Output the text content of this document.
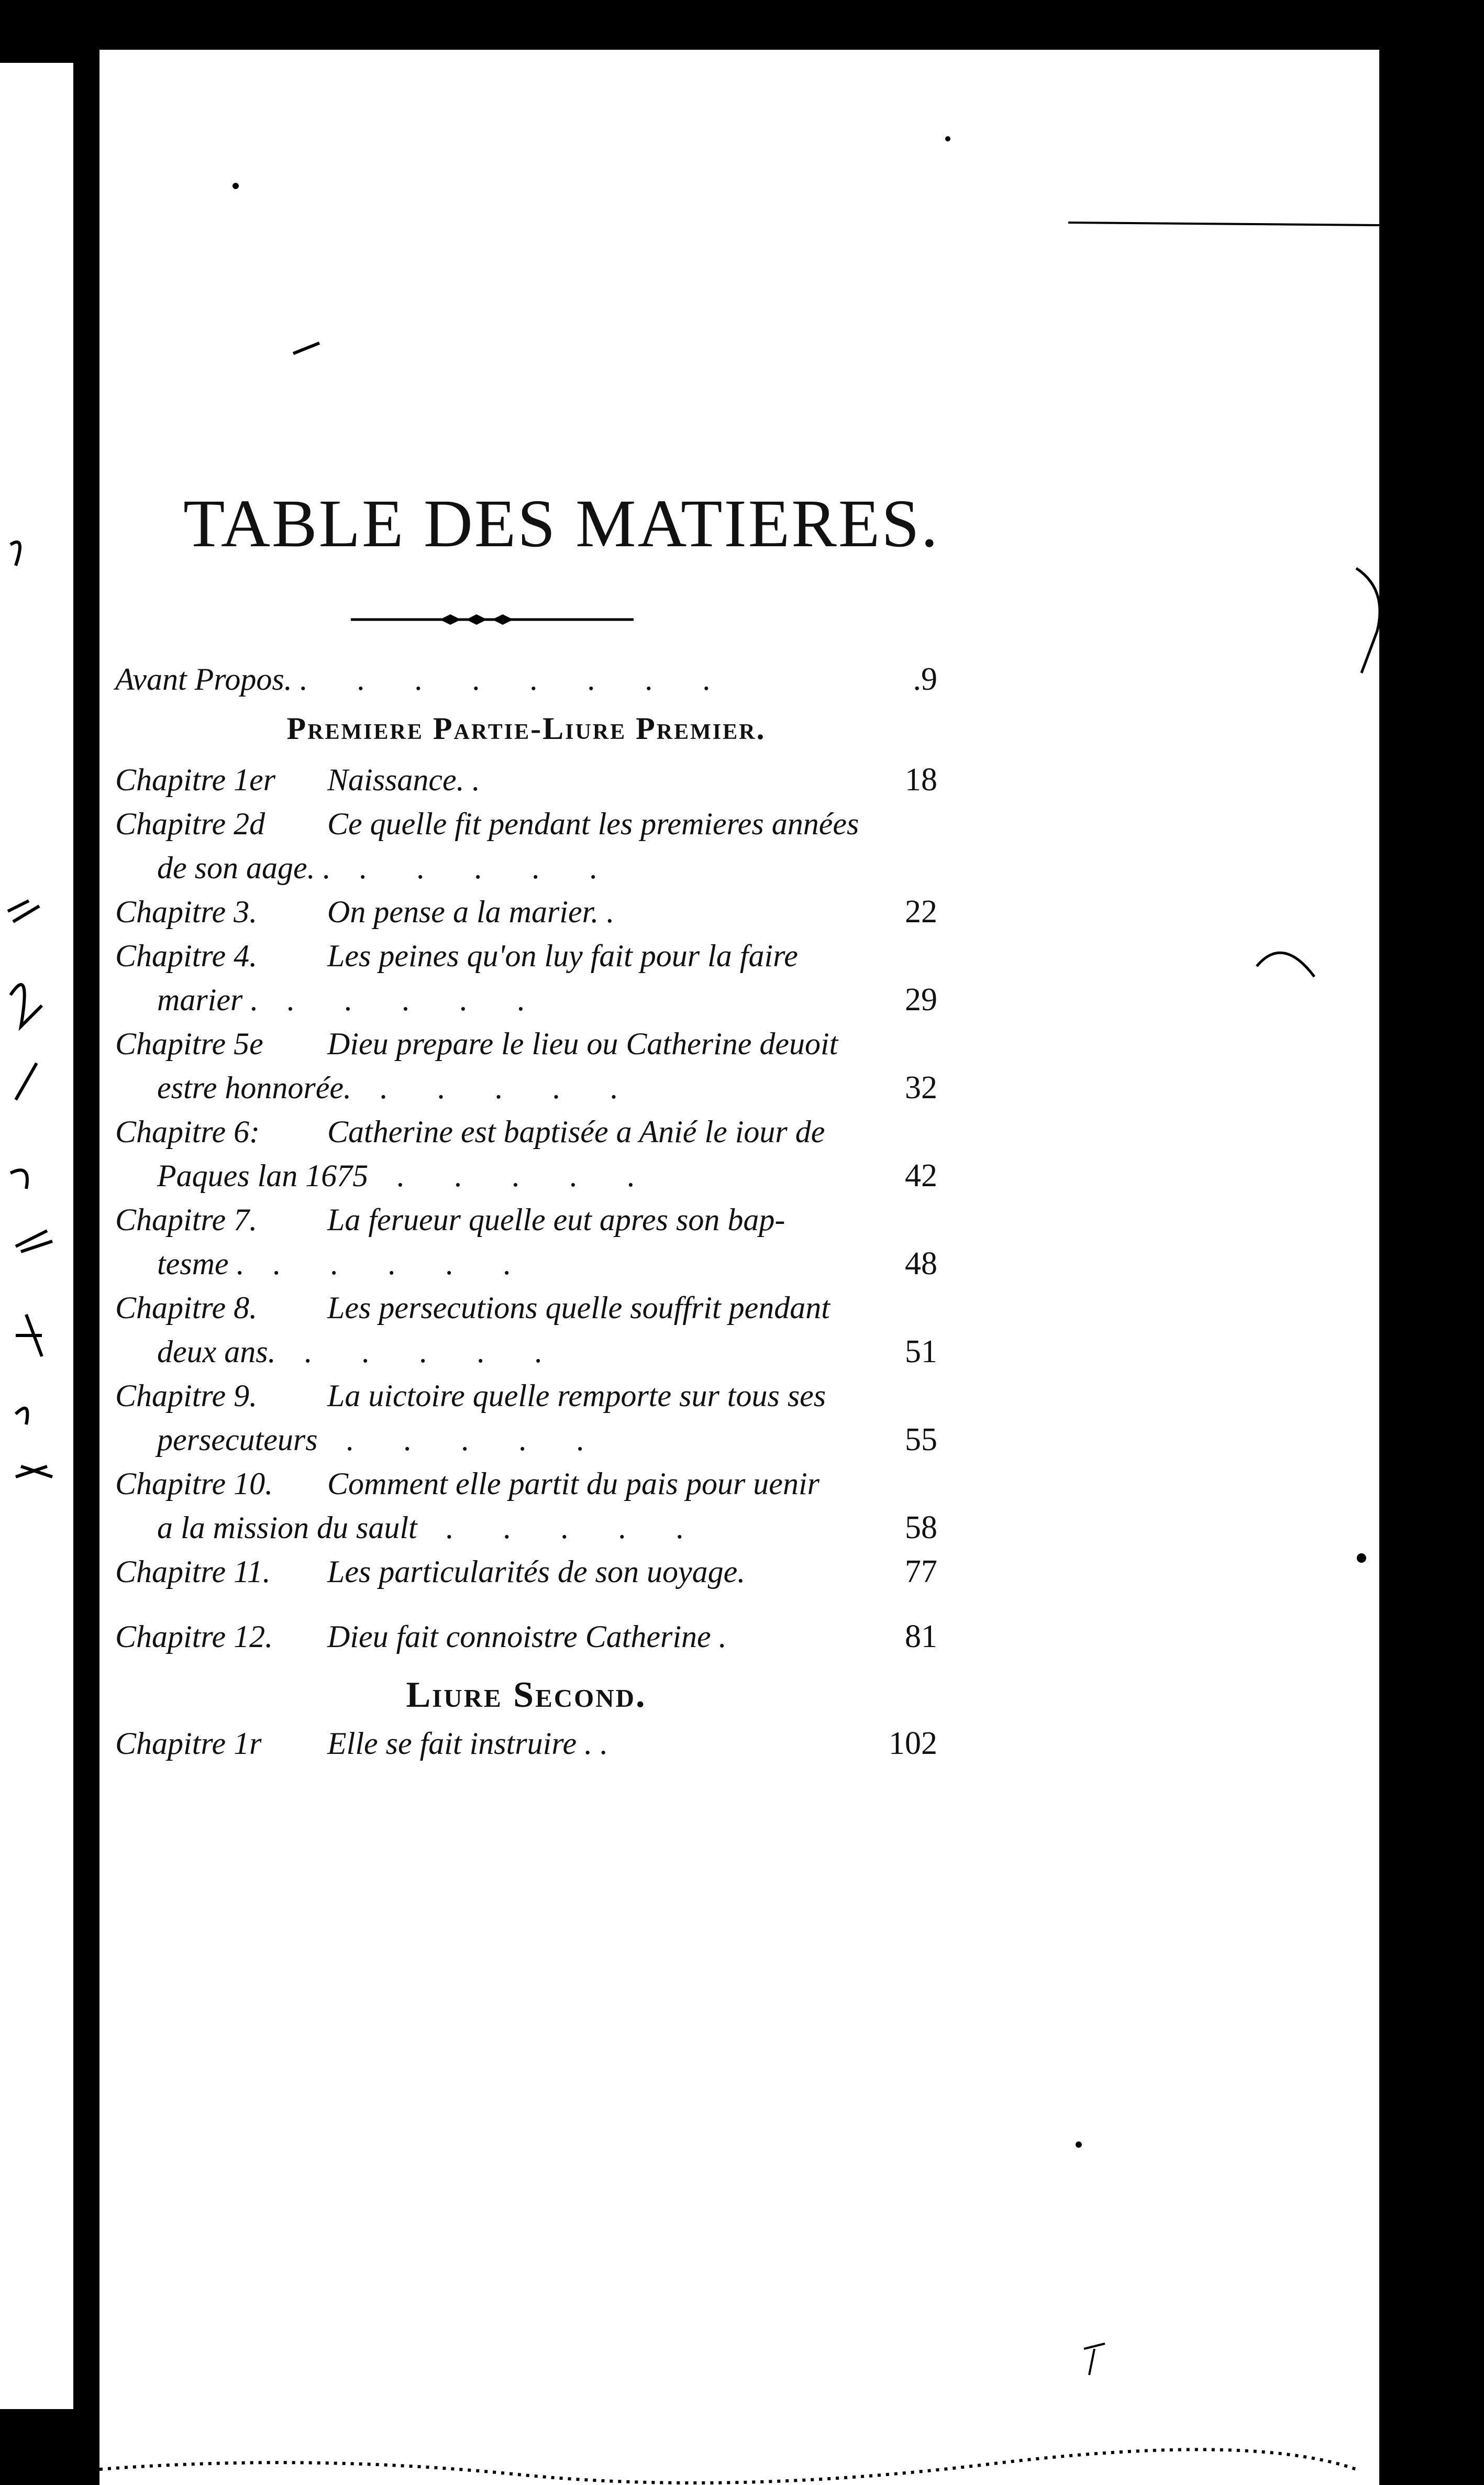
TABLE DES MATIERES.
Avant Propos. . . . . . . . .	.9
Premiere Partie-Liure Premier.
Chapitre 1er Naissance. .	18
Chapitre 2d Ce quelle fit pendant les premieres années
de son aage. . . . . . .
Chapitre 3. On pense a la marier. .	22
Chapitre 4. Les peines qu'on luy fait pour la faire
marier . . . . . .	29
Chapitre 5e Dieu prepare le lieu ou Catherine deuoit
estre honnorée. . . . . .	32
Chapitre 6: Catherine est baptisée a Anié le iour de
Paques lan 1675 . . . . .	42
Chapitre 7. La ferueur quelle eut apres son bap-
tesme . . . . . .	48
Chapitre 8. Les persecutions quelle souffrit pendant
deux ans. . . . . .	51
Chapitre 9. La uictoire quelle remporte sur tous ses
persecuteurs . . . . .	55
Chapitre 10. Comment elle partit du pais pour uenir
a la mission du sault . . . . .	58
Chapitre 11. Les particularités de son uoyage.	77
Chapitre 12. Dieu fait connoistre Catherine .	81
Liure Second.
Chapitre 1r Elle se fait instruire . .	102
